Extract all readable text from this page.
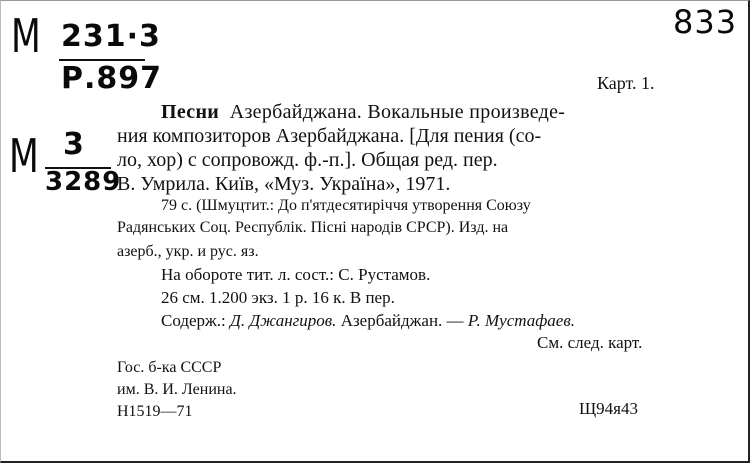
М 231·3
Р.897
М 3
3289
833
Карт. 1.
Песни Азербайджана. Вокальные произведе-
ния композиторов Азербайджана. [Для пения (со-
ло, хор) с сопровожд. ф.-п.]. Общая ред. пер.
В. Умрила. Київ, «Муз. Україна», 1971.
79 с. (Шмуцтит.: До п'ятдесятиріччя утворення Союзу
Радянських Соц. Республік. Пісні народів СРСР). Изд. на
азерб., укр. и рус. яз.
На обороте тит. л. сост.: С. Рустамов.
26 см. 1.200 экз. 1 р. 16 к. В пер.
Содерж.: Д. Джангиров. Азербайджан. — Р. Мустафаев.
См. след. карт.
Гос. б-ка СССР
им. В. И. Ленина.
Н1519—71	Щ94я43
